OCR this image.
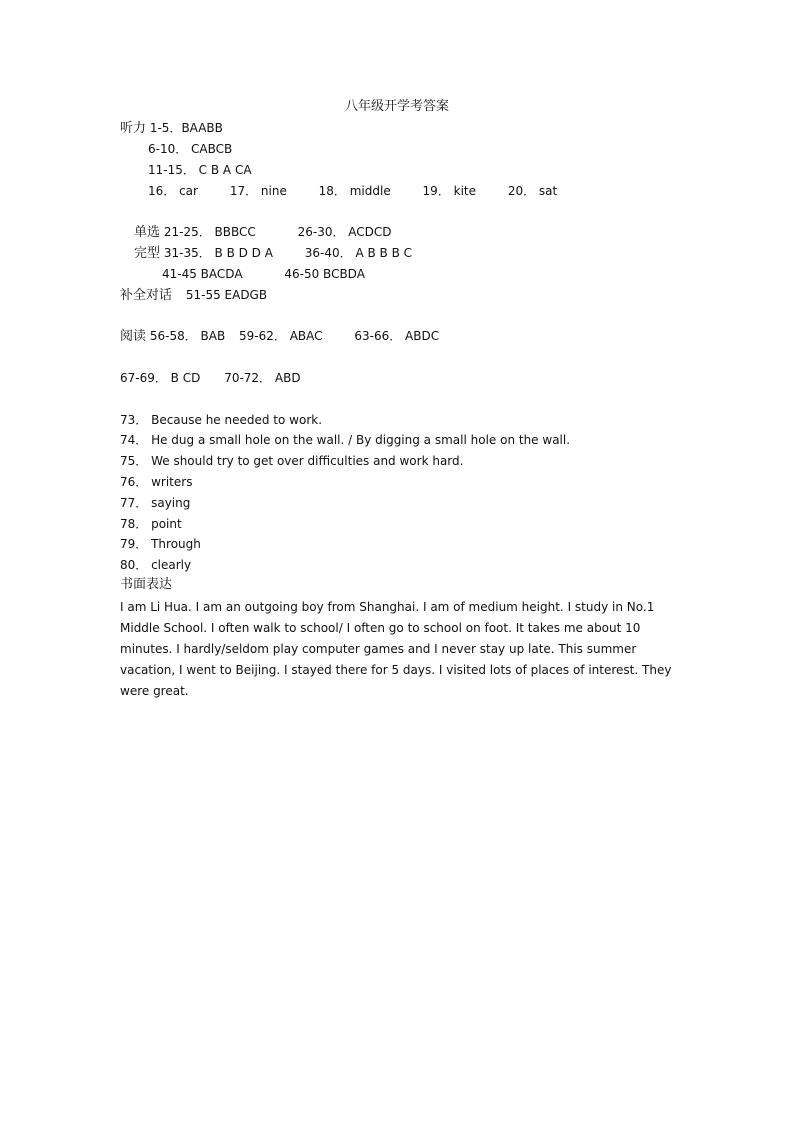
八年级开学考答案
听力 1-5．BAABB
6-10． CABCB
11-15． C B A CA
16． car	17． nine	18． middle	19． kite	20． sat
单选 21-25． BBBCC	26-30． ACDCD
完型 31-35． B B D D A	36-40． A B B B C
41-45 BACDA	46-50 BCBDA
补全对话 51-55 EADGB
阅读 56-58． BAB 59-62． ABAC	63-66． ABDC
67-69． B CD 70-72． ABD
73． Because he needed to work.
74． He dug a small hole on the wall. / By digging a small hole on the wall.
75． We should try to get over difficulties and work hard.
76． writers
77． saying
78． point
79． Through
80． clearly
书面表达
I am Li Hua. I am an outgoing boy from Shanghai. I am of medium height. I study in No.1 Middle School. I often walk to school/ I often go to school on foot. It takes me about 10 minutes. I hardly/seldom play computer games and I never stay up late. This summer vacation, I went to Beijing. I stayed there for 5 days. I visited lots of places of interest. They were great.
